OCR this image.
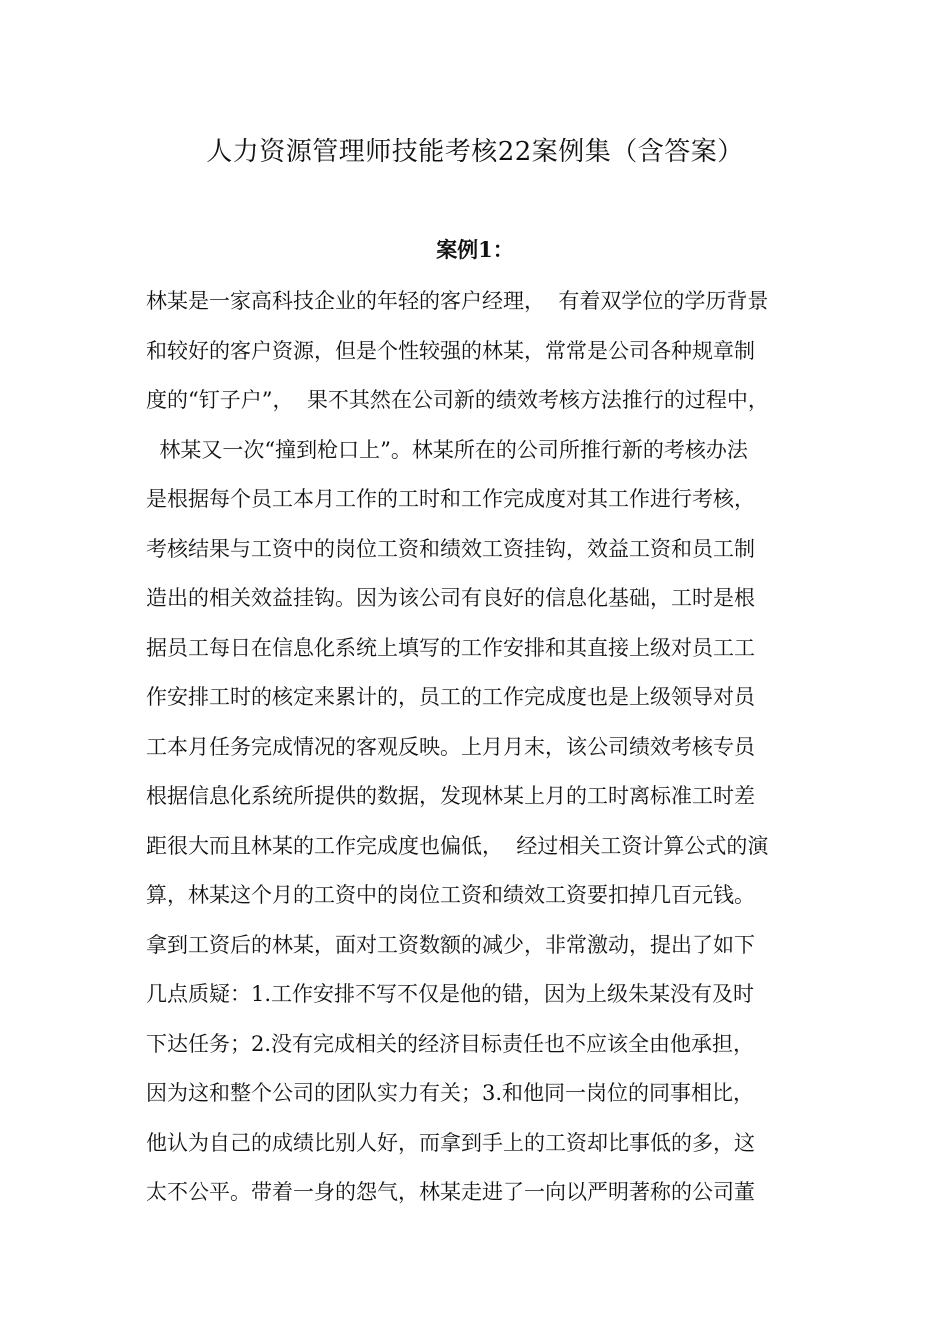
人力资源管理师技能考核22案例集（含答案）
案例1：
林某是一家高科技企业的年轻的客户经理，  有着双学位的学历背景
和较好的客户资源，但是个性较强的林某，常常是公司各种规章制
度的“钉子户”，  果不其然在公司新的绩效考核方法推行的过程中，
林某又一次“撞到枪口上”。林某所在的公司所推行新的考核办法
是根据每个员工本月工作的工时和工作完成度对其工作进行考核，
考核结果与工资中的岗位工资和绩效工资挂钩，效益工资和员工制
造出的相关效益挂钩。因为该公司有良好的信息化基础，工时是根
据员工每日在信息化系统上填写的工作安排和其直接上级对员工工
作安排工时的核定来累计的，员工的工作完成度也是上级领导对员
工本月任务完成情况的客观反映。上月月末，该公司绩效考核专员
根据信息化系统所提供的数据，发现林某上月的工时离标准工时差
距很大而且林某的工作完成度也偏低，  经过相关工资计算公式的演
算，林某这个月的工资中的岗位工资和绩效工资要扣掉几百元钱。
拿到工资后的林某，面对工资数额的减少，非常激动，提出了如下
几点质疑：1.工作安排不写不仅是他的错，因为上级朱某没有及时
下达任务；2.没有完成相关的经济目标责任也不应该全由他承担，
因为这和整个公司的团队实力有关；3.和他同一岗位的同事相比，
他认为自己的成绩比别人好，而拿到手上的工资却比事低的多，这
太不公平。带着一身的怨气，林某走进了一向以严明著称的公司董
